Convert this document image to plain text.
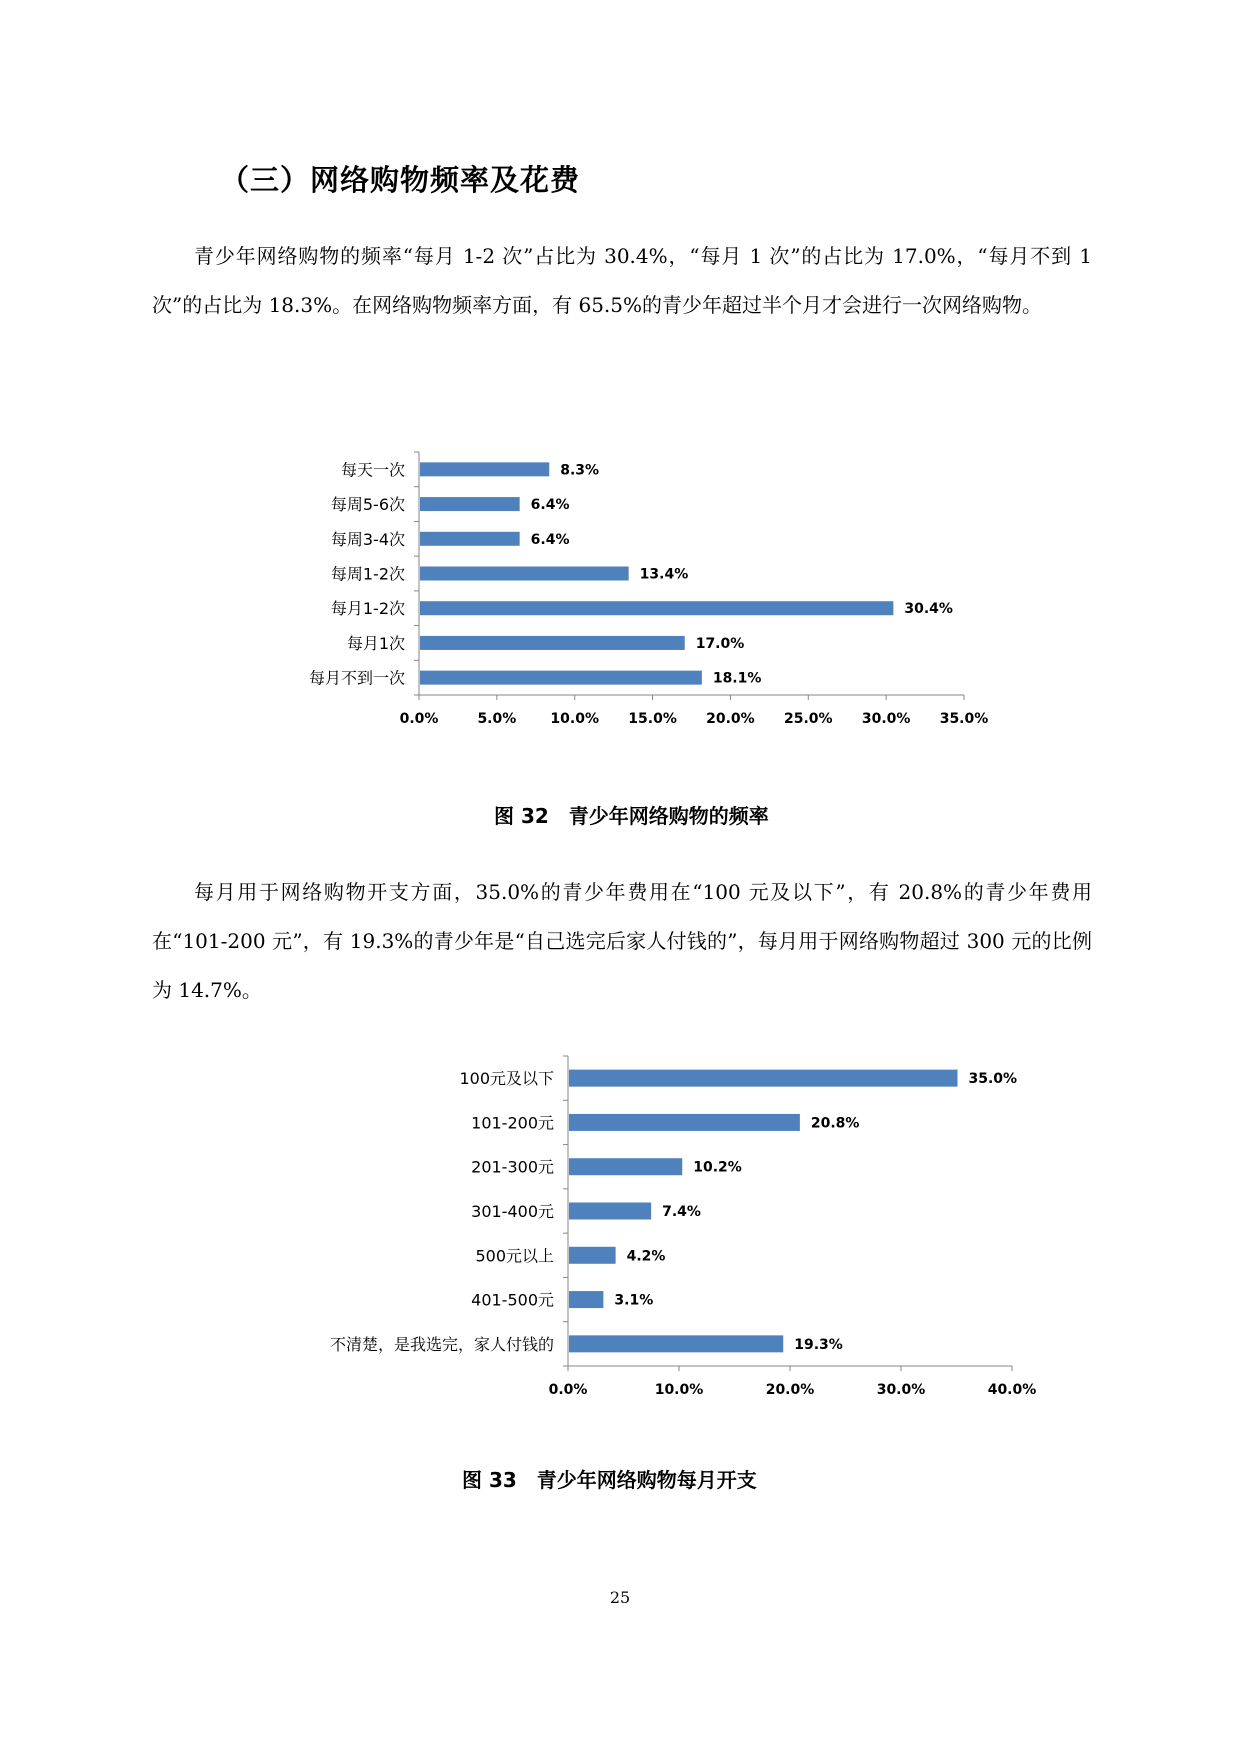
（三）网络购物频率及花费

青少年网络购物的频率“每月 1-2 次”占比为 30.4%，“每月 1 次”的占比为 17.0%，“每月不到 1 次”的占比为 18.3%。在网络购物频率方面，有 65.5%的青少年超过半个月才会进行一次网络购物。

0.0%	5.0% 10.0% 15.0% 20.0% 25.0% 30.0% 35.0%
每天一次	8.3%
每周5-6次	6.4%
每周3-4次	6.4%
每周1-2次	13.4%
每月1-2次	30.4%
每月1次	17.0%
每月不到一次	18.1%

图 32　青少年网络购物的频率

每月用于网络购物开支方面，35.0%的青少年费用在“100 元及以下”，有 20.8%的青少年费用在“101-200 元”，有 19.3%的青少年是“自己选完后家人付钱的”，每月用于网络购物超过 300 元的比例为 14.7%。

0.0%	10.0%	20.0%	30.0%	40.0%
100元及以下	35.0%
101-200元	20.8%
201-300元	10.2%
301-400元	7.4%
500元以上	4.2%
401-500元	3.1%
不清楚，是我选完，家人付钱的	19.3%

图 33　青少年网络购物每月开支

25
